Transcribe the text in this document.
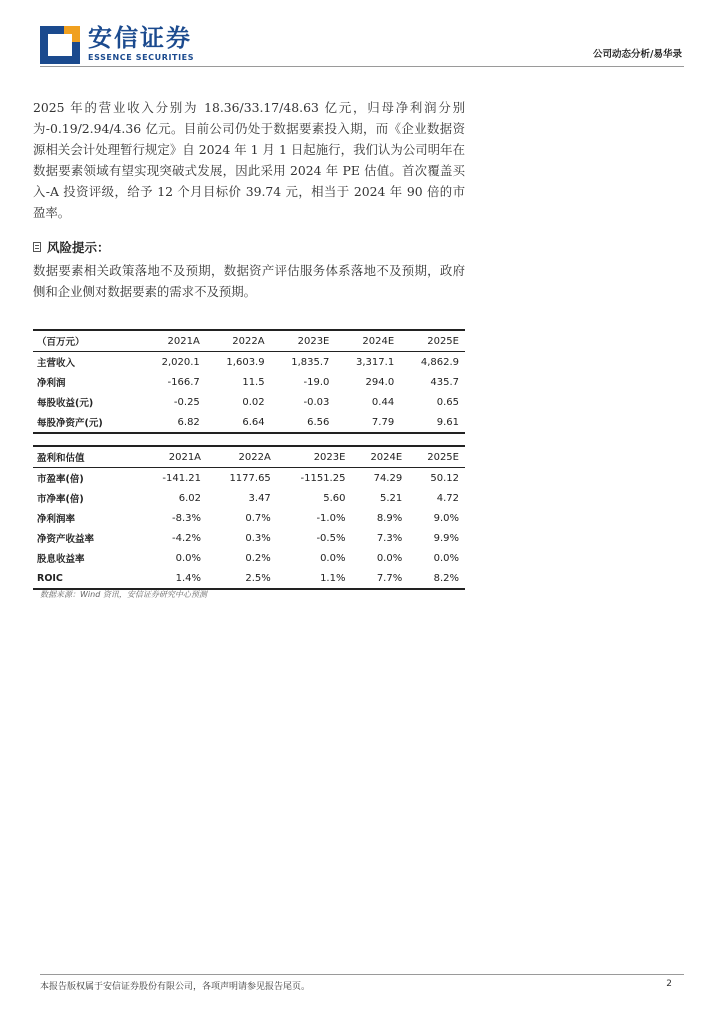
安信证券
ESSENCE SECURITIES	公司动态分析/易华录

2025 年的营业收入分别为 18.36/33.17/48.63 亿元，归母净利润分别为-0.19/2.94/4.36 亿元。目前公司仍处于数据要素投入期，而《企业数据资源相关会计处理暂行规定》自 2024 年 1 月 1 日起施行，我们认为公司明年在数据要素领域有望实现突破式发展，因此采用 2024 年 PE 估值。首次覆盖买入-A 投资评级，给予 12 个月目标价 39.74 元，相当于 2024 年 90 倍的市盈率。

风险提示：

数据要素相关政策落地不及预期，数据资产评估服务体系落地不及预期，政府侧和企业侧对数据要素的需求不及预期。

（百万元）	2021A	2022A	2023E	2024E	2025E
主营收入	2,020.1	1,603.9	1,835.7	3,317.1	4,862.9
净利润	-166.7	11.5	-19.0	294.0	435.7
每股收益(元)	-0.25	0.02	-0.03	0.44	0.65
每股净资产(元)	6.82	6.64	6.56	7.79	9.61
盈利和估值	2021A	2022A	2023E	2024E	2025E
市盈率(倍)	-141.21	1177.65	-1151.25	74.29	50.12
市净率(倍)	6.02	3.47	5.60	5.21	4.72
净利润率	-8.3%	0.7%	-1.0%	8.9%	9.0%
净资产收益率	-4.2%	0.3%	-0.5%	7.3%	9.9%
股息收益率	0.0%	0.2%	0.0%	0.0%	0.0%
ROIC	1.4%	2.5%	1.1%	7.7%	8.2%
数据来源：Wind 资讯，安信证券研究中心预测
本报告版权属于安信证券股份有限公司，各项声明请参见报告尾页。	2
